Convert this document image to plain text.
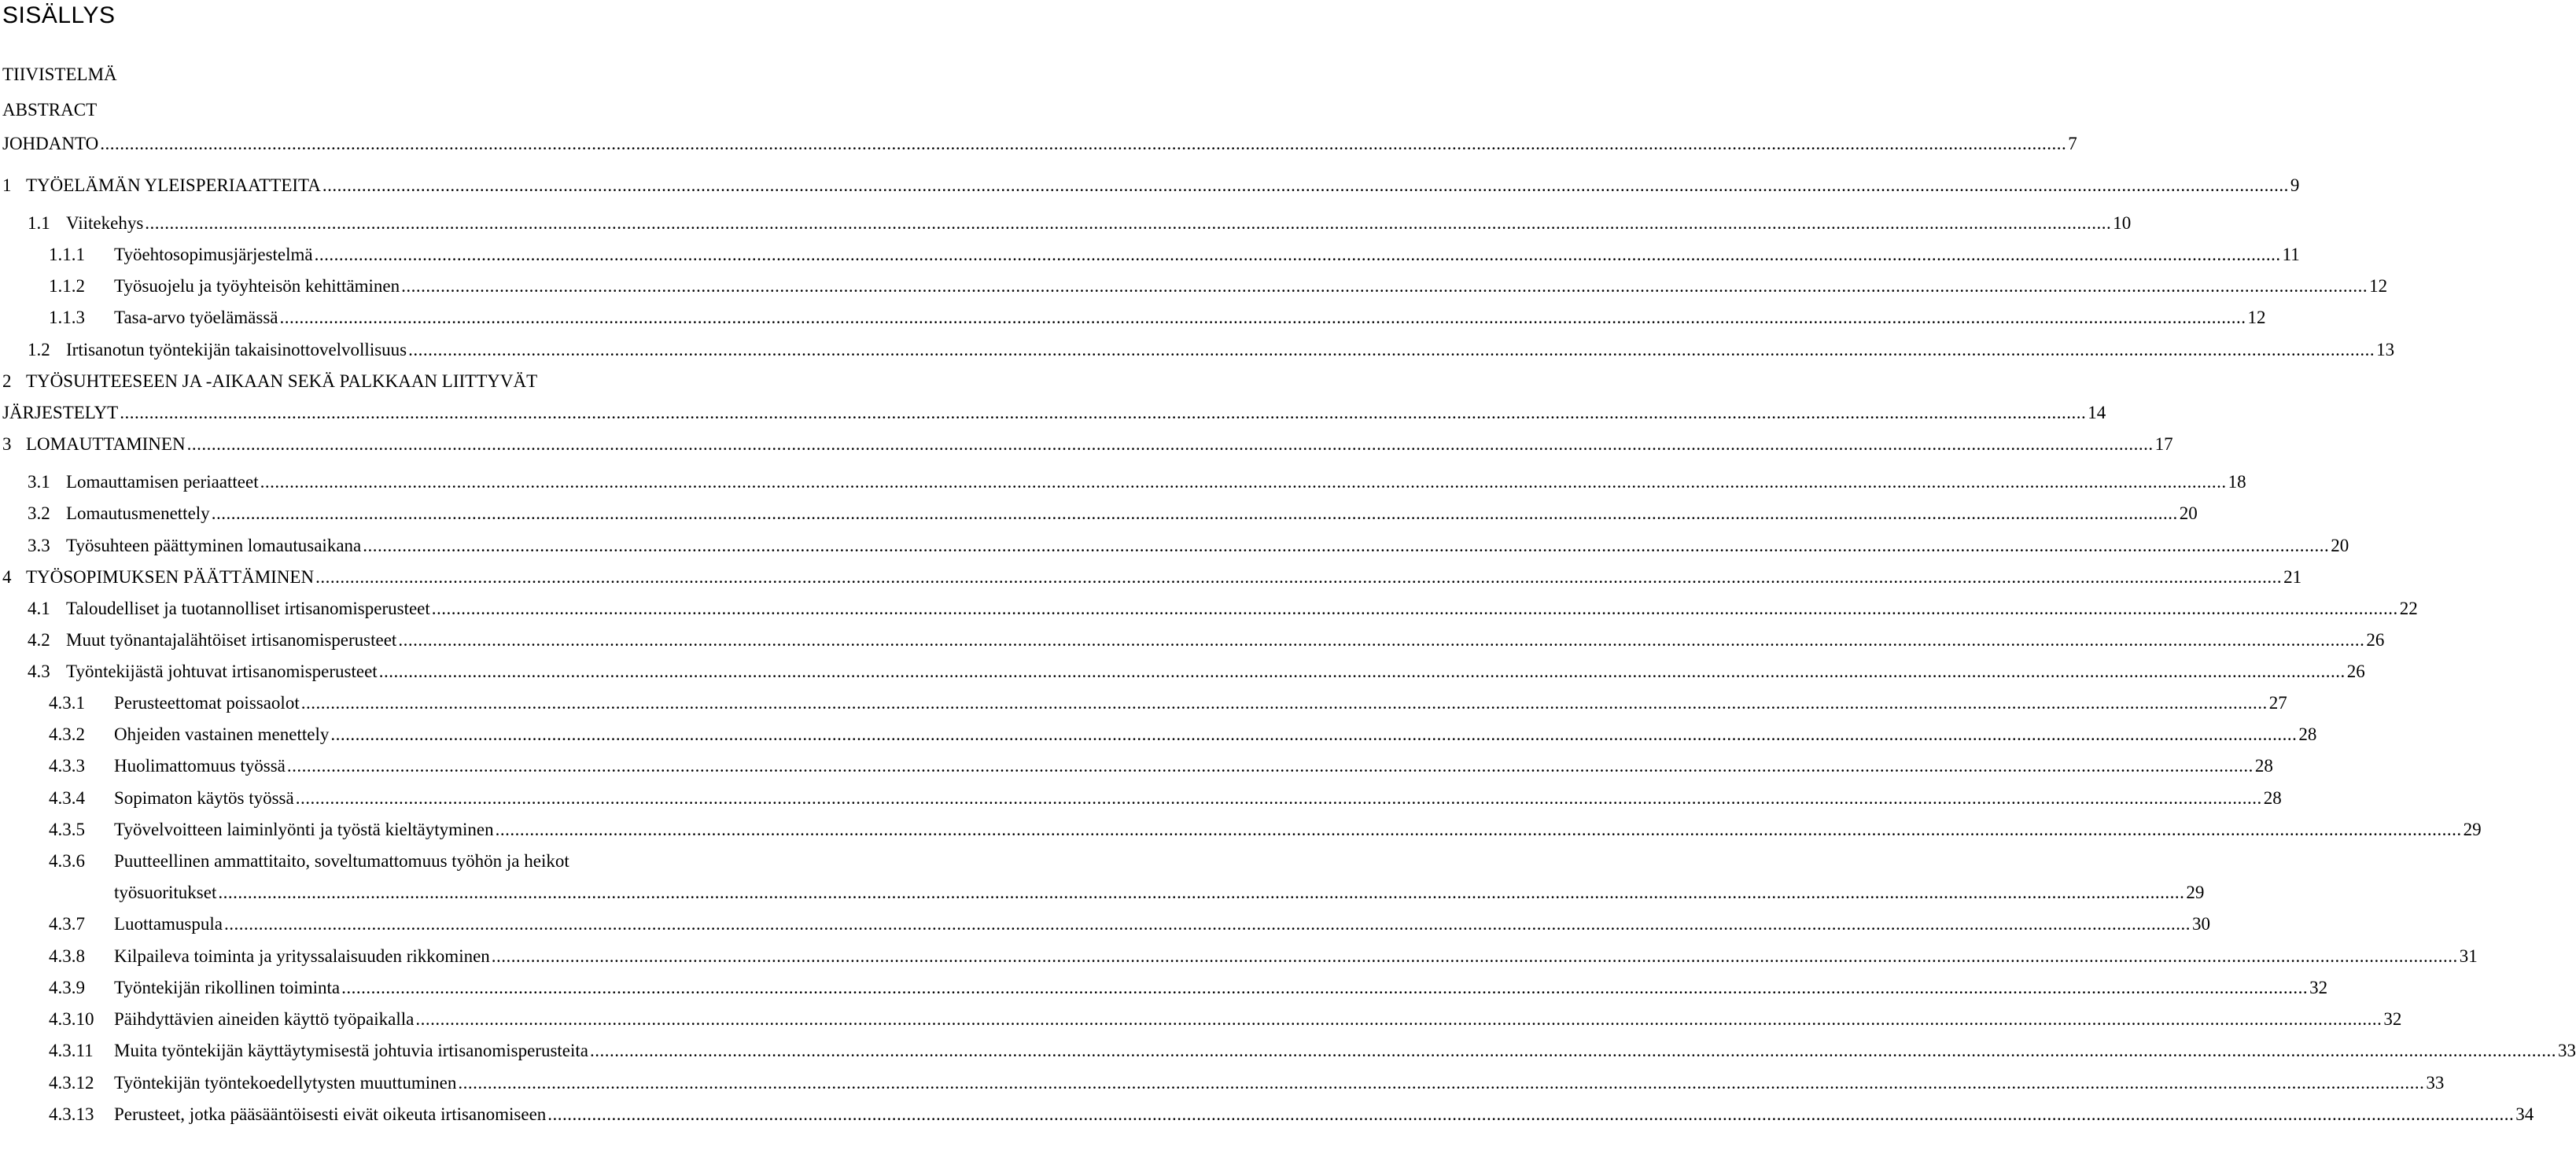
SISÄLLYS
TIIVISTELMÄ
ABSTRACT
JOHDANTO ................................................................................................................................................................................................................................................................................................................................................................................................................ 7
1 TYÖELÄMÄN YLEISPERIAATTEITA ................................................................................................................................................................................................................................................................................................................................................................................................................ 9
1.1 Viitekehys ................................................................................................................................................................................................................................................................................................................................................................................................................ 10
1.1.1 Työehtosopimusjärjestelmä ................................................................................................................................................................................................................................................................................................................................................................................................................ 11
1.1.2 Työsuojelu ja työyhteisön kehittäminen ................................................................................................................................................................................................................................................................................................................................................................................................................ 12
1.1.3 Tasa-arvo työelämässä ................................................................................................................................................................................................................................................................................................................................................................................................................ 12
1.2 Irtisanotun työntekijän takaisinottovelvollisuus ................................................................................................................................................................................................................................................................................................................................................................................................................ 13
2 TYÖSUHTEESEEN JA -AIKAAN SEKÄ PALKKAAN LIITTYVÄT
JÄRJESTELYT ................................................................................................................................................................................................................................................................................................................................................................................................................ 14
3 LOMAUTTAMINEN ................................................................................................................................................................................................................................................................................................................................................................................................................ 17
3.1 Lomauttamisen periaatteet ................................................................................................................................................................................................................................................................................................................................................................................................................ 18
3.2 Lomautusmenettely ................................................................................................................................................................................................................................................................................................................................................................................................................ 20
3.3 Työsuhteen päättyminen lomautusaikana ................................................................................................................................................................................................................................................................................................................................................................................................................ 20
4 TYÖSOPIMUKSEN PÄÄTTÄMINEN ................................................................................................................................................................................................................................................................................................................................................................................................................ 21
4.1 Taloudelliset ja tuotannolliset irtisanomisperusteet ................................................................................................................................................................................................................................................................................................................................................................................................................ 22
4.2 Muut työnantajalähtöiset irtisanomisperusteet ................................................................................................................................................................................................................................................................................................................................................................................................................ 26
4.3 Työntekijästä johtuvat irtisanomisperusteet ................................................................................................................................................................................................................................................................................................................................................................................................................ 26
4.3.1 Perusteettomat poissaolot ................................................................................................................................................................................................................................................................................................................................................................................................................ 27
4.3.2 Ohjeiden vastainen menettely ................................................................................................................................................................................................................................................................................................................................................................................................................ 28
4.3.3 Huolimattomuus työssä ................................................................................................................................................................................................................................................................................................................................................................................................................ 28
4.3.4 Sopimaton käytös työssä ................................................................................................................................................................................................................................................................................................................................................................................................................ 28
4.3.5 Työvelvoitteen laiminlyönti ja työstä kieltäytyminen ................................................................................................................................................................................................................................................................................................................................................................................................................ 29
4.3.6 Puutteellinen ammattitaito, soveltumattomuus työhön ja heikot
työsuoritukset ................................................................................................................................................................................................................................................................................................................................................................................................................ 29
4.3.7 Luottamuspula ................................................................................................................................................................................................................................................................................................................................................................................................................ 30
4.3.8 Kilpaileva toiminta ja yrityssalaisuuden rikkominen ................................................................................................................................................................................................................................................................................................................................................................................................................ 31
4.3.9 Työntekijän rikollinen toiminta ................................................................................................................................................................................................................................................................................................................................................................................................................ 32
4.3.10 Päihdyttävien aineiden käyttö työpaikalla ................................................................................................................................................................................................................................................................................................................................................................................................................ 32
4.3.11 Muita työntekijän käyttäytymisestä johtuvia irtisanomisperusteita ................................................................................................................................................................................................................................................................................................................................................................................................................ 33
4.3.12 Työntekijän työntekoedellytysten muuttuminen ................................................................................................................................................................................................................................................................................................................................................................................................................ 33
4.3.13 Perusteet, jotka pääsääntöisesti eivät oikeuta irtisanomiseen ................................................................................................................................................................................................................................................................................................................................................................................................................ 34
